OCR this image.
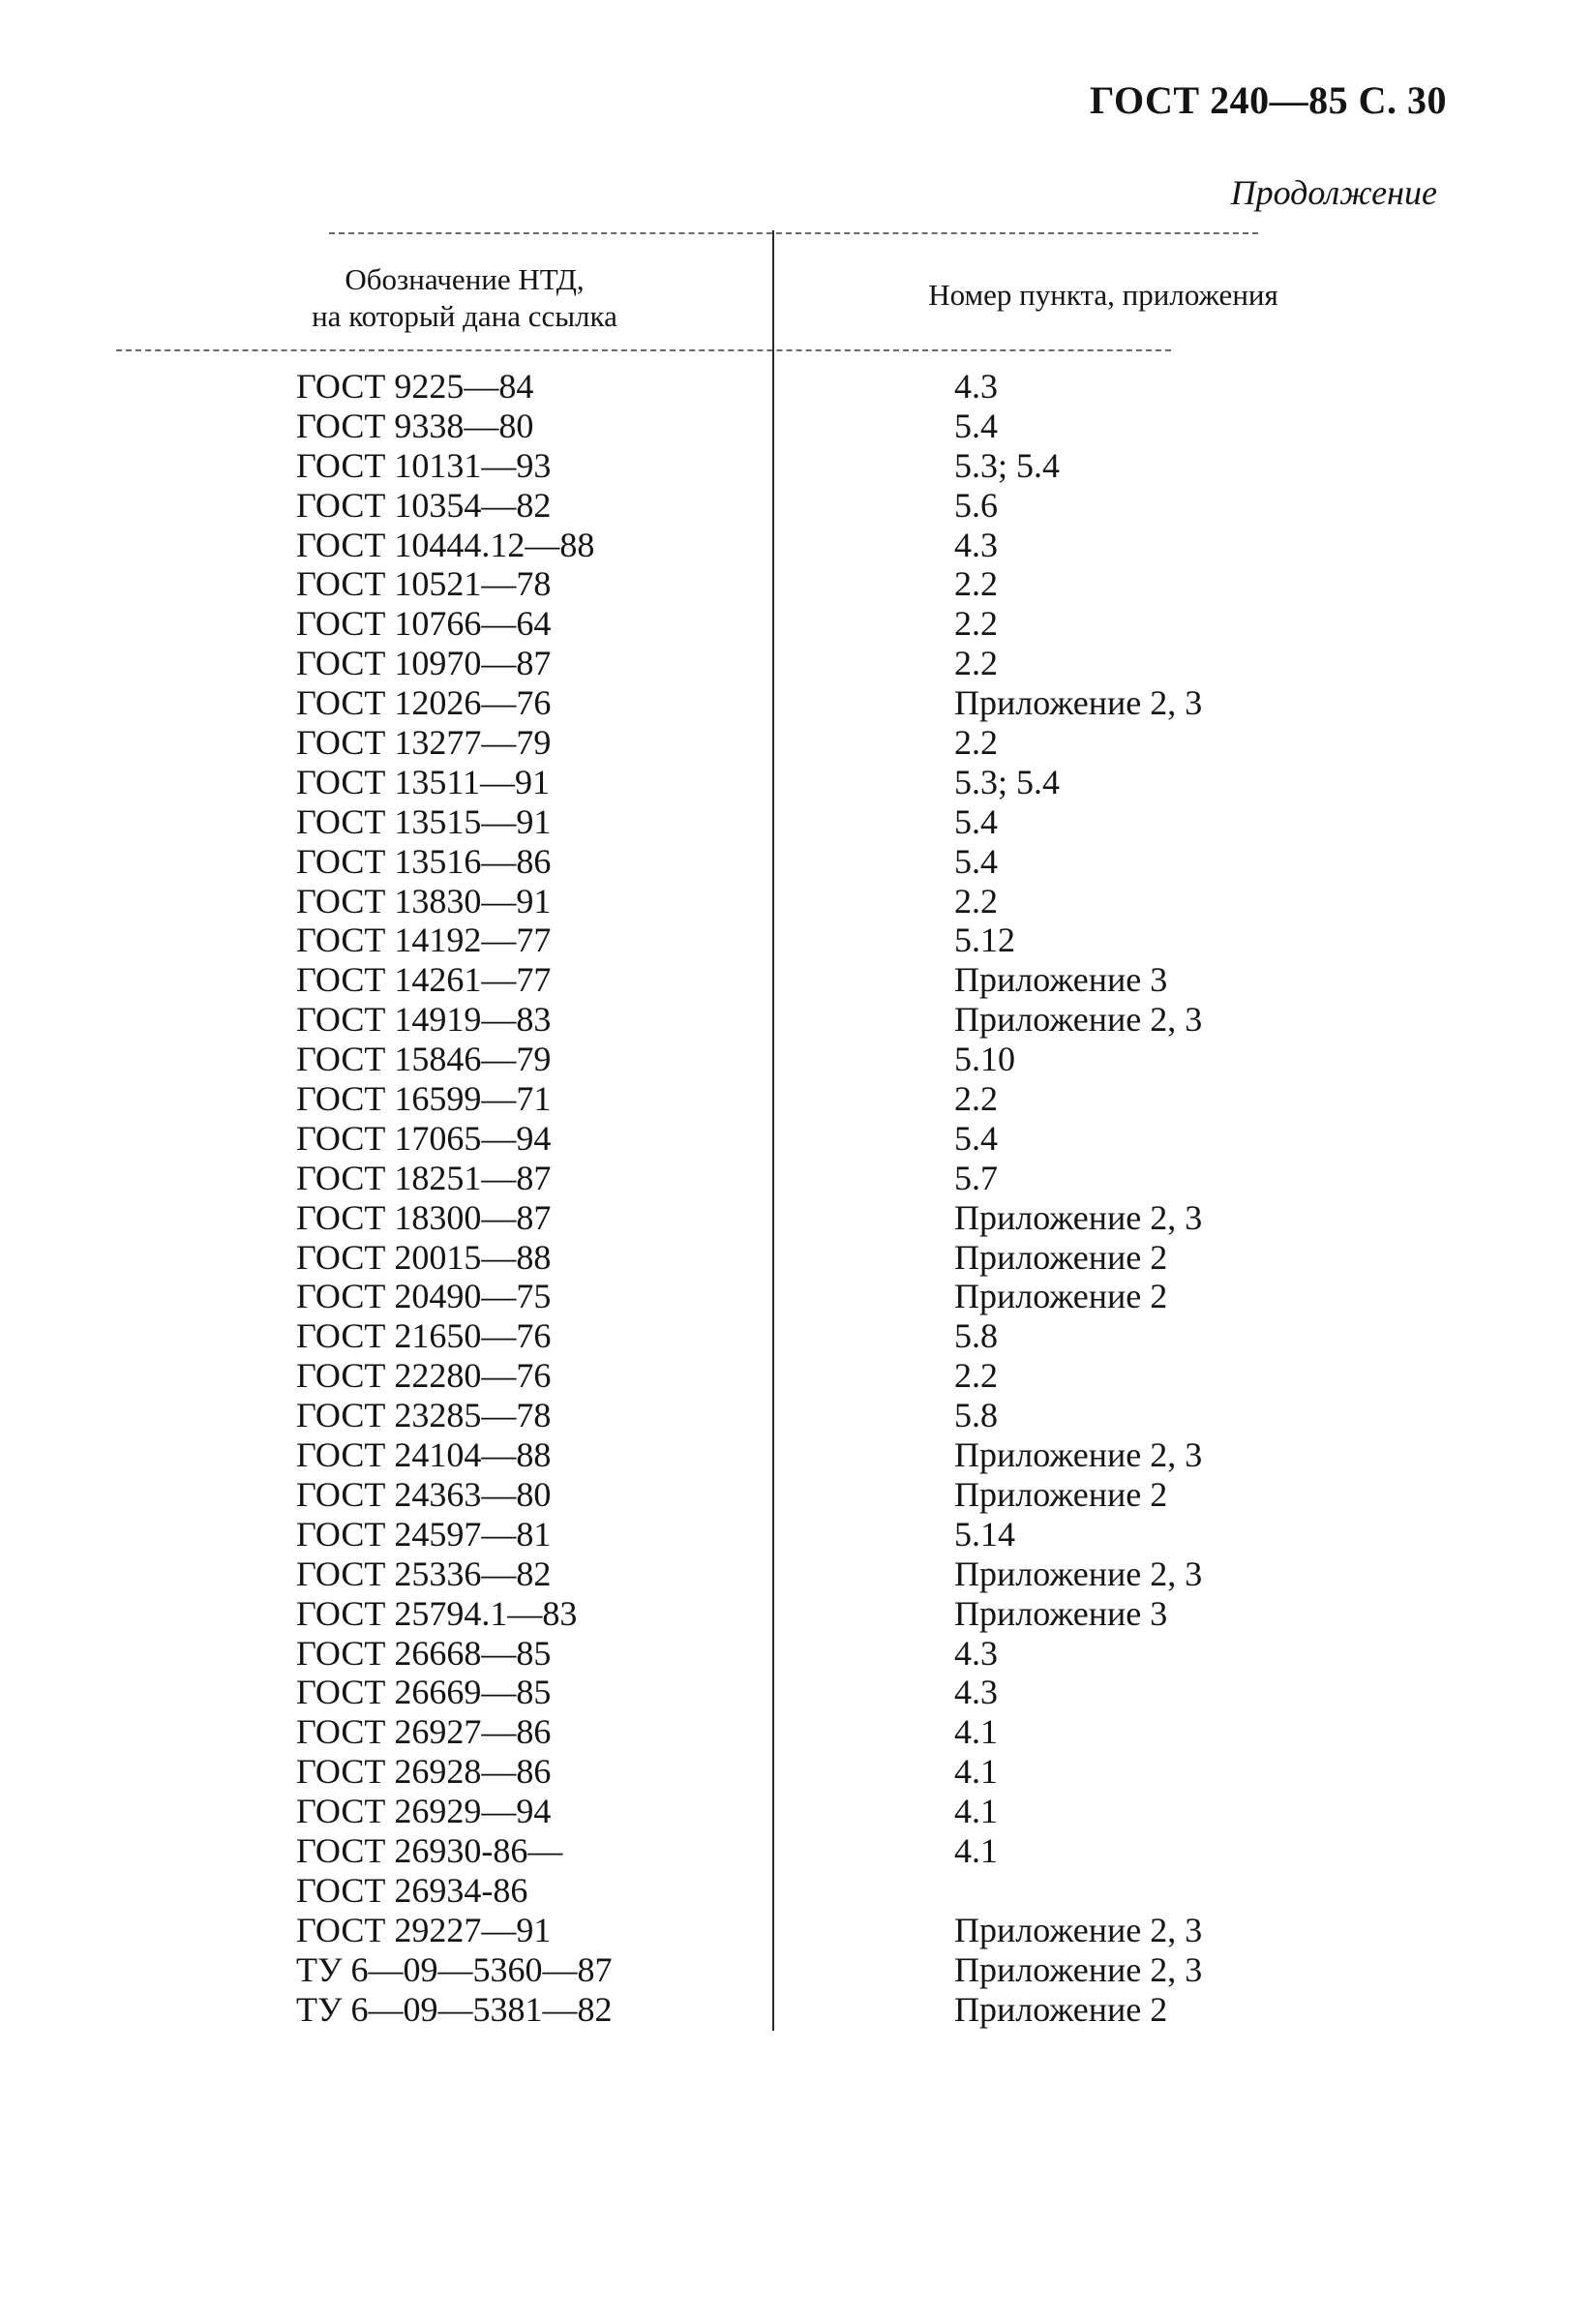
ГОСТ 240—85 С. 30
Продолжение
Обозначение НТД,
на который дана ссылка
Номер пункта, приложения
ГОСТ 9225—84	4.3
ГОСТ 9338—80	5.4
ГОСТ 10131—93	5.3; 5.4
ГОСТ 10354—82	5.6
ГОСТ 10444.12—88	4.3
ГОСТ 10521—78	2.2
ГОСТ 10766—64	2.2
ГОСТ 10970—87	2.2
ГОСТ 12026—76	Приложение 2, 3
ГОСТ 13277—79	2.2
ГОСТ 13511—91	5.3; 5.4
ГОСТ 13515—91	5.4
ГОСТ 13516—86	5.4
ГОСТ 13830—91	2.2
ГОСТ 14192—77	5.12
ГОСТ 14261—77	Приложение 3
ГОСТ 14919—83	Приложение 2, 3
ГОСТ 15846—79	5.10
ГОСТ 16599—71	2.2
ГОСТ 17065—94	5.4
ГОСТ 18251—87	5.7
ГОСТ 18300—87	Приложение 2, 3
ГОСТ 20015—88	Приложение 2
ГОСТ 20490—75	Приложение 2
ГОСТ 21650—76	5.8
ГОСТ 22280—76	2.2
ГОСТ 23285—78	5.8
ГОСТ 24104—88	Приложение 2, 3
ГОСТ 24363—80	Приложение 2
ГОСТ 24597—81	5.14
ГОСТ 25336—82	Приложение 2, 3
ГОСТ 25794.1—83	Приложение 3
ГОСТ 26668—85	4.3
ГОСТ 26669—85	4.3
ГОСТ 26927—86	4.1
ГОСТ 26928—86	4.1
ГОСТ 26929—94	4.1
ГОСТ 26930-86—	4.1
ГОСТ 26934-86
ГОСТ 29227—91	Приложение 2, 3
ТУ 6—09—5360—87	Приложение 2, 3
ТУ 6—09—5381—82	Приложение 2
